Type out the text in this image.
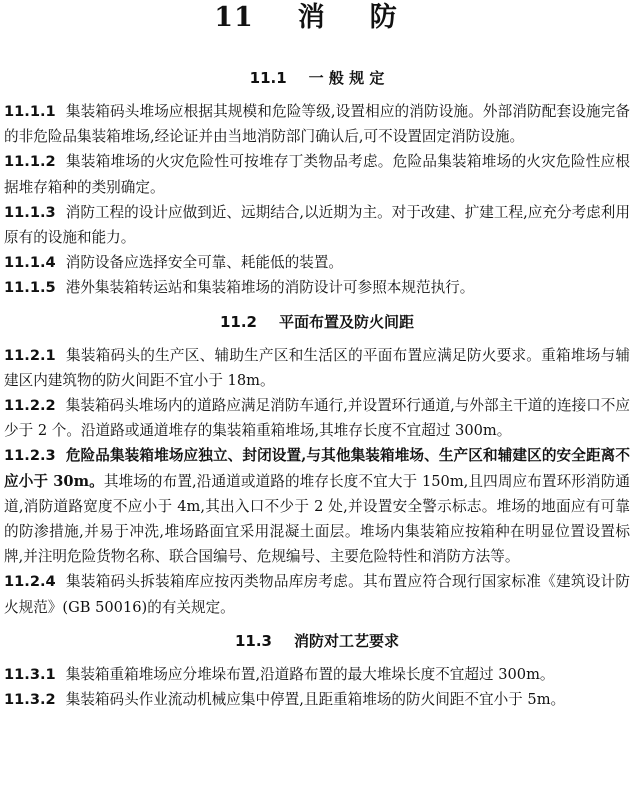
11 消 防
11.1 一 般 规 定

11.1.1 集装箱码头堆场应根据其规模和危险等级,设置相应的消防设施。外部消防配套设施完备的非危险品集装箱堆场,经论证并由当地消防部门确认后,可不设置固定消防设施。

11.1.2 集装箱堆场的火灾危险性可按堆存丁类物品考虑。危险品集装箱堆场的火灾危险性应根据堆存箱种的类别确定。

11.1.3 消防工程的设计应做到近、远期结合,以近期为主。对于改建、扩建工程,应充分考虑利用原有的设施和能力。

11.1.4 消防设备应选择安全可靠、耗能低的装置。

11.1.5 港外集装箱转运站和集装箱堆场的消防设计可参照本规范执行。

11.2 平面布置及防火间距

11.2.1 集装箱码头的生产区、辅助生产区和生活区的平面布置应满足防火要求。重箱堆场与辅建区内建筑物的防火间距不宜小于 18m。

11.2.2 集装箱码头堆场内的道路应满足消防车通行,并设置环行通道,与外部主干道的连接口不应少于 2 个。沿道路或通道堆存的集装箱重箱堆场,其堆存长度不宜超过 300m。

11.2.3 危险品集装箱堆场应独立、封闭设置,与其他集装箱堆场、生产区和辅建区的安全距离不应小于 30m。其堆场的布置,沿通道或道路的堆存长度不宜大于 150m,且四周应布置环形消防通道,消防道路宽度不应小于 4m,其出入口不少于 2 处,并设置安全警示标志。堆场的地面应有可靠的防渗措施,并易于冲洗,堆场路面宜采用混凝土面层。堆场内集装箱应按箱种在明显位置设置标牌,并注明危险货物名称、联合国编号、危规编号、主要危险特性和消防方法等。

11.2.4 集装箱码头拆装箱库应按丙类物品库房考虑。其布置应符合现行国家标准《建筑设计防火规范》(GB 50016)的有关规定。

11.3 消防对工艺要求

11.3.1 集装箱重箱堆场应分堆垛布置,沿道路布置的最大堆垛长度不宜超过 300m。

11.3.2 集装箱码头作业流动机械应集中停置,且距重箱堆场的防火间距不宜小于 5m。
